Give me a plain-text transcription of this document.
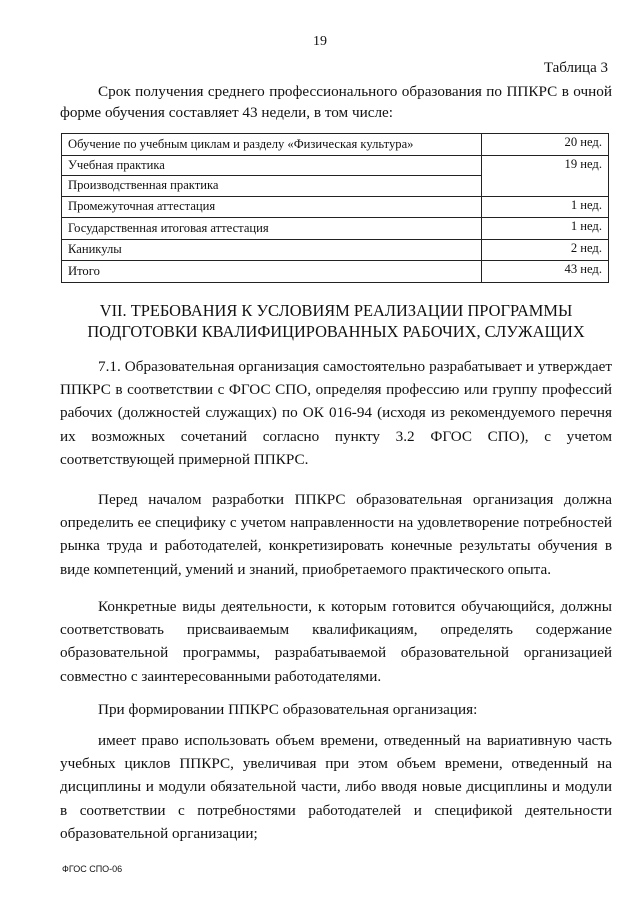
19
Таблица 3

Срок получения среднего профессионального образования по ППКРС в очной форме обучения составляет 43 недели, в том числе:

Обучение по учебным циклам и разделу «Физическая культура»	20 нед.
Учебная практика	19 нед.
Производственная практика	
Промежуточная аттестация	1 нед.
Государственная итоговая аттестация	1 нед.
Каникулы	2 нед.
Итого	43 нед.
VII. ТРЕБОВАНИЯ К УСЛОВИЯМ РЕАЛИЗАЦИИ ПРОГРАММЫ
ПОДГОТОВКИ КВАЛИФИЦИРОВАННЫХ РАБОЧИХ, СЛУЖАЩИХ

7.1. Образовательная организация самостоятельно разрабатывает и утверждает ППКРС в соответствии с ФГОС СПО, определяя профессию или группу профессий рабочих (должностей служащих) по ОК 016-94 (исходя из рекомендуемого перечня их возможных сочетаний согласно пункту 3.2 ФГОС СПО), с учетом соответствующей примерной ППКРС.

Перед началом разработки ППКРС образовательная организация должна определить ее специфику с учетом направленности на удовлетворение потребностей рынка труда и работодателей, конкретизировать конечные результаты обучения в виде компетенций, умений и знаний, приобретаемого практического опыта.

Конкретные виды деятельности, к которым готовится обучающийся, должны соответствовать присваиваемым квалификациям, определять содержание образовательной программы, разрабатываемой образовательной организацией совместно с заинтересованными работодателями.

При формировании ППКРС образовательная организация:

имеет право использовать объем времени, отведенный на вариативную часть учебных циклов ППКРС, увеличивая при этом объем времени, отведенный на дисциплины и модули обязательной части, либо вводя новые дисциплины и модули в соответствии с потребностями работодателей и спецификой деятельности образовательной организации;

ФГОС СПО-06
